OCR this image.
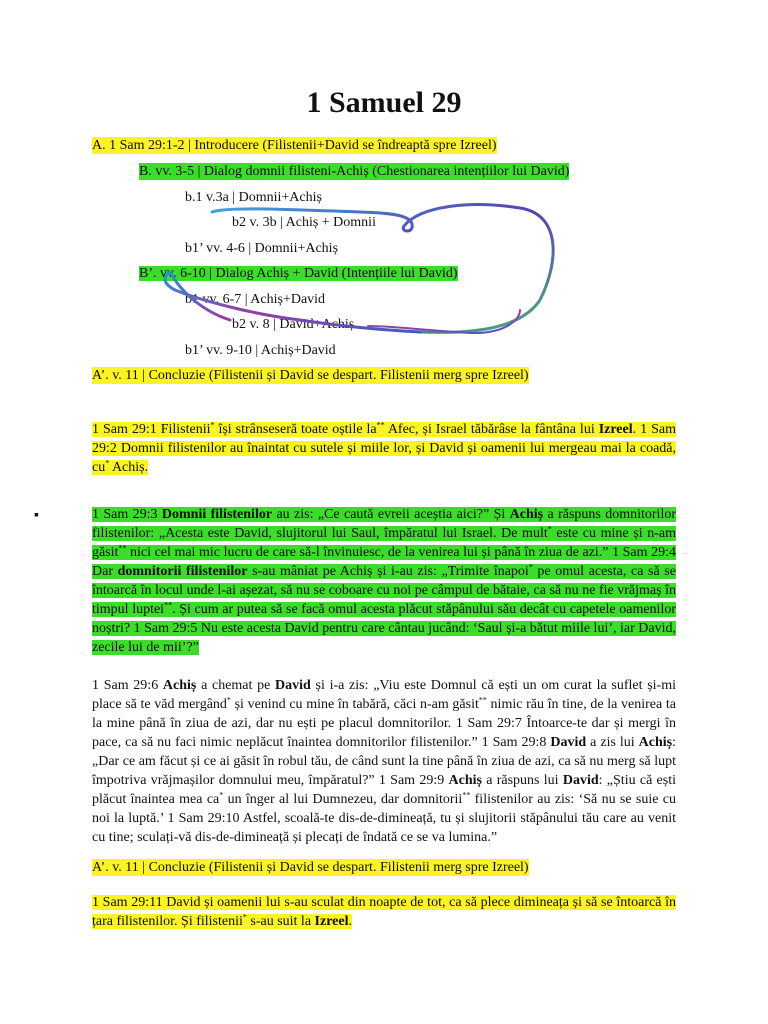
1 Samuel 29
A. 1 Sam 29:1-2 | Introducere (Filistenii+David se îndreaptă spre Izreel)
B. vv. 3-5 | Dialog domnii filisteni-Achiș (Chestionarea intențiilor lui David)
b.1 v.3a | Domnii+Achiș
b2 v. 3b | Achiș + Domnii
b1’ vv. 4-6 | Domnii+Achiș
B’. vv. 6-10 | Dialog Achiș + David (Intențiile lui David)
b1 vv. 6-7 | Achiș+David
b2 v. 8 | David+Achiș
b1’ vv. 9-10 | Achiș+David
A’. v. 11 | Concluzie (Filistenii și David se despart. Filistenii merg spre Izreel)
1 Sam 29:1 Filistenii* își strânseseră toate oștile la** Afec, și Israel tăbărâse la fântâna lui Izreel. 1 Sam 29:2 Domnii filistenilor au înaintat cu sutele și miile lor, și David și oamenii lui mergeau mai la coadă, cu* Achiș.
▪	1 Sam 29:3 Domnii filistenilor au zis: „Ce caută evreii aceștia aici?” Și Achiș a răspuns domnitorilor filistenilor: „Acesta este David, slujitorul lui Saul, împăratul lui Israel. De mult* este cu mine și n-am găsit** nici cel mai mic lucru de care să-l învinuiesc, de la venirea lui și până în ziua de azi.” 1 Sam 29:4 Dar domnitorii filistenilor s-au mâniat pe Achiș și i-au zis: „Trimite înapoi* pe omul acesta, ca să se întoarcă în locul unde l-ai așezat, să nu se coboare cu noi pe câmpul de bătaie, ca să nu ne fie vrăjmaș în timpul luptei**. Și cum ar putea să se facă omul acesta plăcut stăpânului său decât cu capetele oamenilor noștri? 1 Sam 29:5 Nu este acesta David pentru care cântau jucând: ‘Saul și-a bătut miile lui’, iar David, zecile lui de mii’?”
1 Sam 29:6 Achiș a chemat pe David și i-a zis: „Viu este Domnul că ești un om curat la suflet și-mi place să te văd mergând* și venind cu mine în tabără, căci n-am găsit** nimic rău în tine, de la venirea ta la mine până în ziua de azi, dar nu ești pe placul domnitorilor. 1 Sam 29:7 Întoarce-te dar și mergi în pace, ca să nu faci nimic neplăcut înaintea domnitorilor filistenilor.” 1 Sam 29:8 David a zis lui Achiș: „Dar ce am făcut și ce ai găsit în robul tău, de când sunt la tine până în ziua de azi, ca să nu merg să lupt împotriva vrăjmașilor domnului meu, împăratul?” 1 Sam 29:9 Achiș a răspuns lui David: „Știu că ești plăcut înaintea mea ca* un înger al lui Dumnezeu, dar domnitorii** filistenilor au zis: ‘Să nu se suie cu noi la luptă.’ 1 Sam 29:10 Astfel, scoală-te dis-de-dimineață, tu și slujitorii stăpânului tău care au venit cu tine; sculați-vă dis-de-dimineață și plecați de îndată ce se va lumina.”
A’. v. 11 | Concluzie (Filistenii și David se despart. Filistenii merg spre Izreel)
1 Sam 29:11 David și oamenii lui s-au sculat din noapte de tot, ca să plece dimineața și să se întoarcă în țara filistenilor. Și filistenii* s-au suit la Izreel.
